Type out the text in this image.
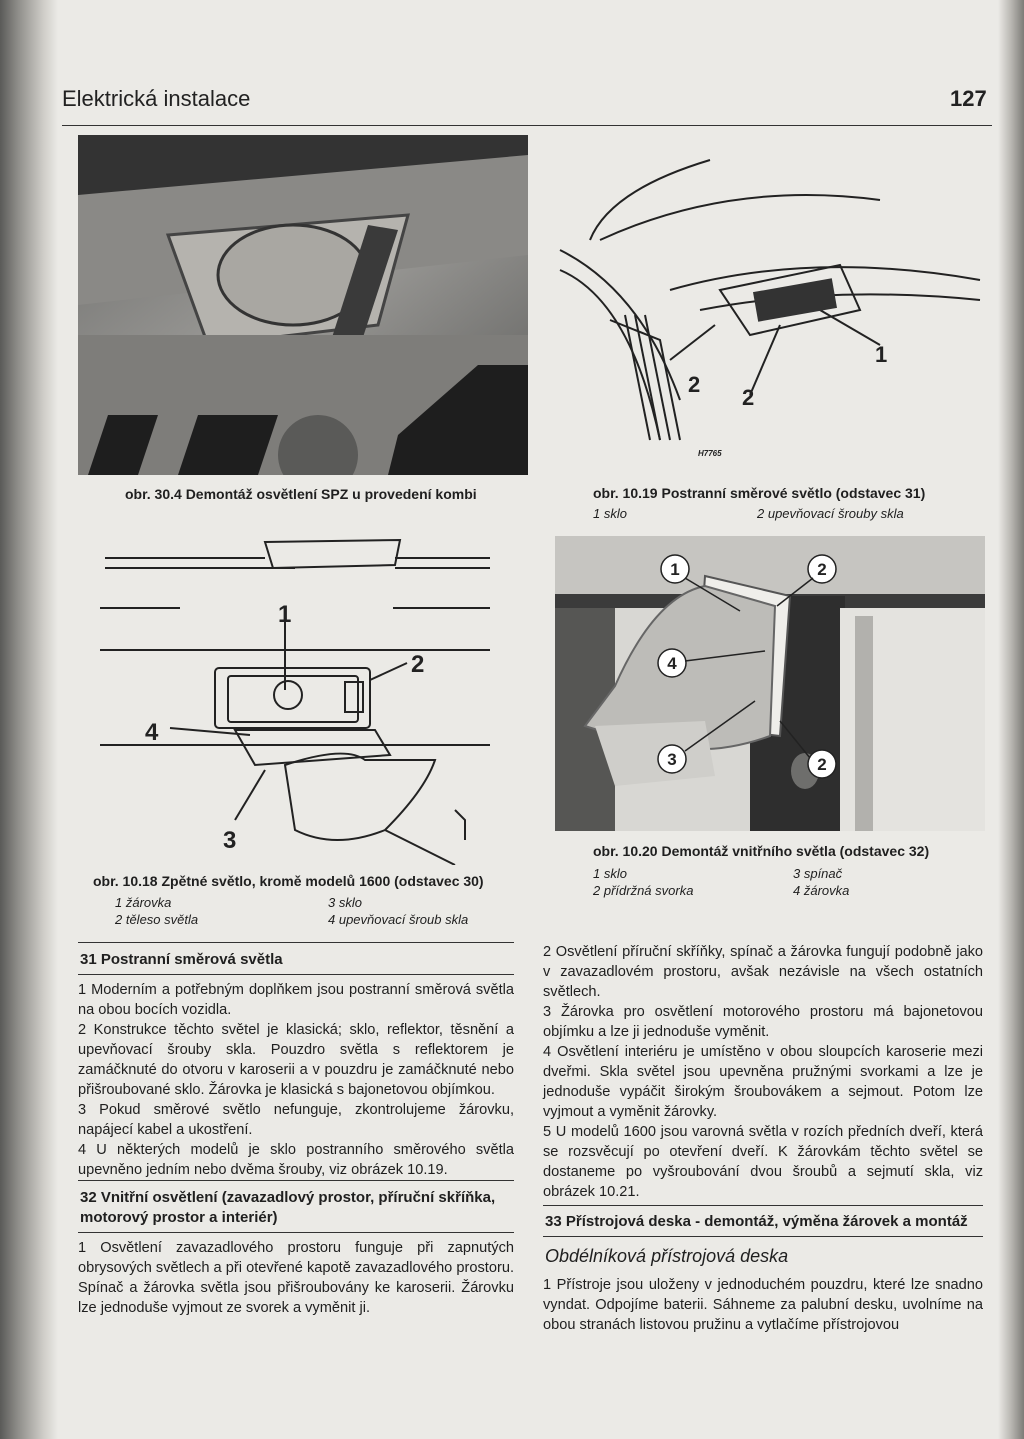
Elektrická instalace	127
obr. 30.4 Demontáž osvětlení SPZ u provedení kombi
1
2
2
H7765
obr. 10.19 Postranní směrové světlo (odstavec 31)
1 sklo	2 upevňovací šrouby skla
1
2
3
4
obr. 10.18 Zpětné světlo, kromě modelů 1600 (odstavec 30)
1 žárovka
2 těleso světla
3 sklo
4 upevňovací šroub skla
1	2
4
3	2
obr. 10.20 Demontáž vnitřního světla (odstavec 32)
1 sklo
2 přídržná svorka
3 spínač
4 žárovka
31 Postranní směrová světla

1 Moderním a potřebným doplňkem jsou postranní směrová světla na obou bocích vozidla.

2 Konstrukce těchto světel je klasická; sklo, reflektor, těsnění a upevňovací šrouby skla. Pouzdro světla s reflektorem je zamáčknuté do otvoru v karoserii a v pouzdru je zamáčknuté nebo přišroubované sklo. Žárovka je klasická s bajonetovou objímkou.

3 Pokud směrové světlo nefunguje, zkontrolujeme žárovku, napájecí kabel a ukostření.

4 U některých modelů je sklo postranního směrového světla upevněno jedním nebo dvěma šrouby, viz obrázek 10.19.

32 Vnitřní osvětlení (zavazadlový prostor, příruční skříňka, motorový prostor a interiér)

1 Osvětlení zavazadlového prostoru funguje při zapnutých obrysových světlech a při otevřené kapotě zavazadlového prostoru. Spínač a žárovka světla jsou přišroubovány ke karoserii. Žárovku lze jednoduše vyjmout ze svorek a vyměnit ji.

2 Osvětlení příruční skříňky, spínač a žárovka fungují podobně jako v zavazadlovém prostoru, avšak nezávisle na všech ostatních světlech.

3 Žárovka pro osvětlení motorového prostoru má bajonetovou objímku a lze ji jednoduše vyměnit.

4 Osvětlení interiéru je umístěno v obou sloupcích karoserie mezi dveřmi. Skla světel jsou upevněna pružnými svorkami a lze je jednoduše vypáčit širokým šroubovákem a sejmout. Potom lze vyjmout a vyměnit žárovky.

5 U modelů 1600 jsou varovná světla v rozích předních dveří, která se rozsvěcují po otevření dveří. K žárovkám těchto světel se dostaneme po vyšroubování dvou šroubů a sejmutí skla, viz obrázek 10.21.

33 Přístrojová deska - demontáž, výměna žárovek a montáž
Obdélníková přístrojová deska

1 Přístroje jsou uloženy v jednoduchém pouzdru, které lze snadno vyndat. Odpojíme baterii. Sáhneme za palubní desku, uvolníme na obou stranách listovou pružinu a vytlačíme přístrojovou
